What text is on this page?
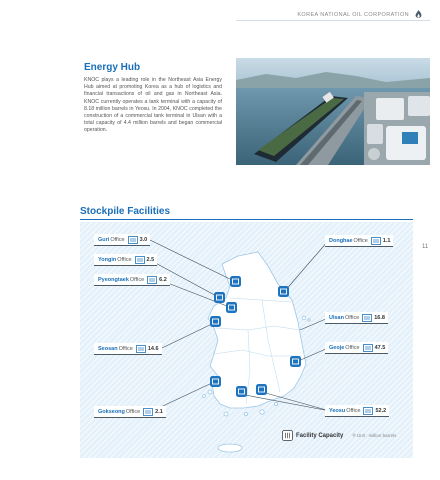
KOREA NATIONAL OIL CORPORATION
Energy Hub
KNOC plays a leading role in the Northeast Asia Energy Hub aimed at promoting Korea as a hub of logistics and financial transactions of oil and gas in Northeast Asia. KNOC currently operates a tank terminal with a capacity of 8.18 million barrels in Yeosu. In 2004, KNOC completed the construction of a commercial tank terminal in Ulsan with a total capacity of 4.4 million barrels and began commercial operation.
Stockpile Facilities
Guri Office	3.0
Yongin Office	2.5
Pyeongtaek Office	6.2
Seosan Office	14.6
Gokseong Office	2.1
Donghae Office	1.1
Ulsan Office	16.8
Geoje Office	47.5
Yeosu Office	52.2
Facility Capacity ® Unit : million barrels
11
